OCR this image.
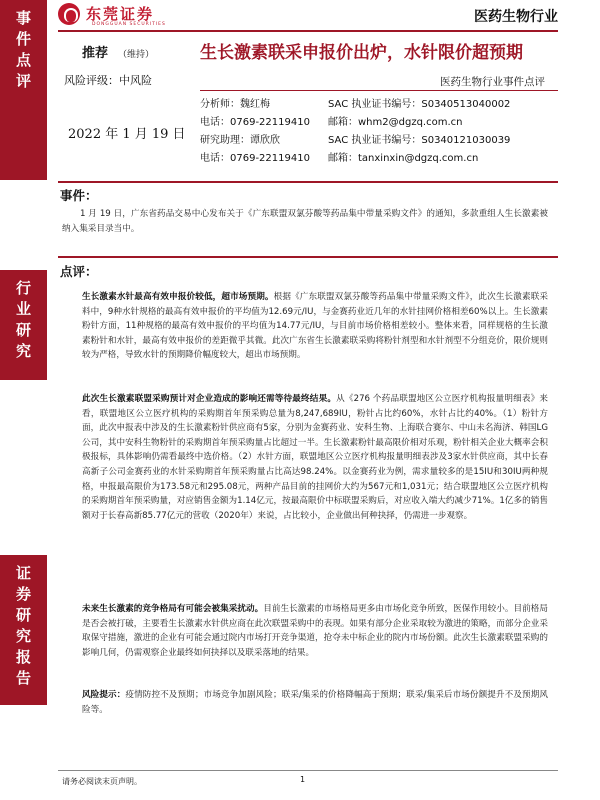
事件点评
行业研究
证券研究报告
东莞证券
DONGGUAN SECURITIES	医药生物行业
推荐 （维持）	生长激素联采申报价出炉，水针限价超预期
风险评级：中风险	医药生物行业事件点评
2022 年 1 月 19 日
分析师：魏红梅	SAC 执业证书编号：S0340513040002
电话：0769-22119410	邮箱：whm2@dgzq.com.cn
研究助理：谭欣欣	SAC 执业证书编号：S0340121030039
电话：0769-22119410	邮箱：tanxinxin@dgzq.com.cn
事件：
1 月 19 日，广东省药品交易中心发布关于《广东联盟双氯芬酸等药品集中带量采购文件》的通知，多款重组人生长激素被纳入集采目录当中。
点评：
生长激素水针最高有效申报价较低，超市场预期。根据《广东联盟双氯芬酸等药品集中带量采购文件》，此次生长激素联采料中，9种水针规格的最高有效申报价的平均值为12.69元/IU，与金赛药业近几年的水针挂网价格相差60%以上。生长激素粉针方面，11种规格的最高有效申报价的平均值为14.77元/IU，与目前市场价格相差较小。整体来看，同样规格的生长激素粉针和水针，最高有效申报价的差距微乎其微。此次广东省生长激素联采购将粉针剂型和水针剂型不分组竞价，限价规则较为严格，导致水针的预期降价幅度较大，超出市场预期。
此次生长激素联盟采购预计对企业造成的影响还需等待最终结果。从《276 个药品联盟地区公立医疗机构报量明细表》来看，联盟地区公立医疗机构的采购期首年预采购总量为8,247,689IU，粉针占比约60%，水针占比约40%。（1）粉针方面，此次申报表中涉及的生长激素粉针供应商有5家，分别为金赛药业、安科生物、上海联合赛尔、中山未名海济、韩国LG公司，其中安科生物粉针的采购期首年预采购量占比超过一半。生长激素粉针最高限价相对乐观，粉针相关企业大概率会积极报标，具体影响仍需看最终中选价格。（2）水针方面，联盟地区公立医疗机构报量明细表涉及3家水针供应商，其中长春高新子公司金赛药业的水针采购期首年预采购量占比高达98.24%。以金赛药业为例，需求量较多的是15IU和30IU两种规格，申报最高限价为173.58元和295.08元，两种产品目前的挂网价大约为567元和1,031元；结合联盟地区公立医疗机构的采购期首年预采购量，对应销售金额为1.14亿元，按最高限价中标联盟采购后，对应收入端大约减少71%。1亿多的销售额对于长春高新85.77亿元的营收（2020年）来说，占比较小，企业做出何种抉择，仍需进一步观察。
未来生长激素的竞争格局有可能会被集采扰动。目前生长激素的市场格局更多由市场化竞争所致，医保作用较小。目前格局是否会被打破，主要看生长激素水针供应商在此次联盟采购中的表现。如果有部分企业采取较为激进的策略，而部分企业采取保守措施，激进的企业有可能会通过院内市场打开竞争渠道，抢夺未中标企业的院内市场份额。此次生长激素联盟采购的影响几何，仍需观察企业最终如何抉择以及联采落地的结果。
风险提示：疫情防控不及预期；市场竞争加剧风险；联采/集采的价格降幅高于预期；联采/集采后市场份额提升不及预期风险等。
请务必阅读末页声明。	1
